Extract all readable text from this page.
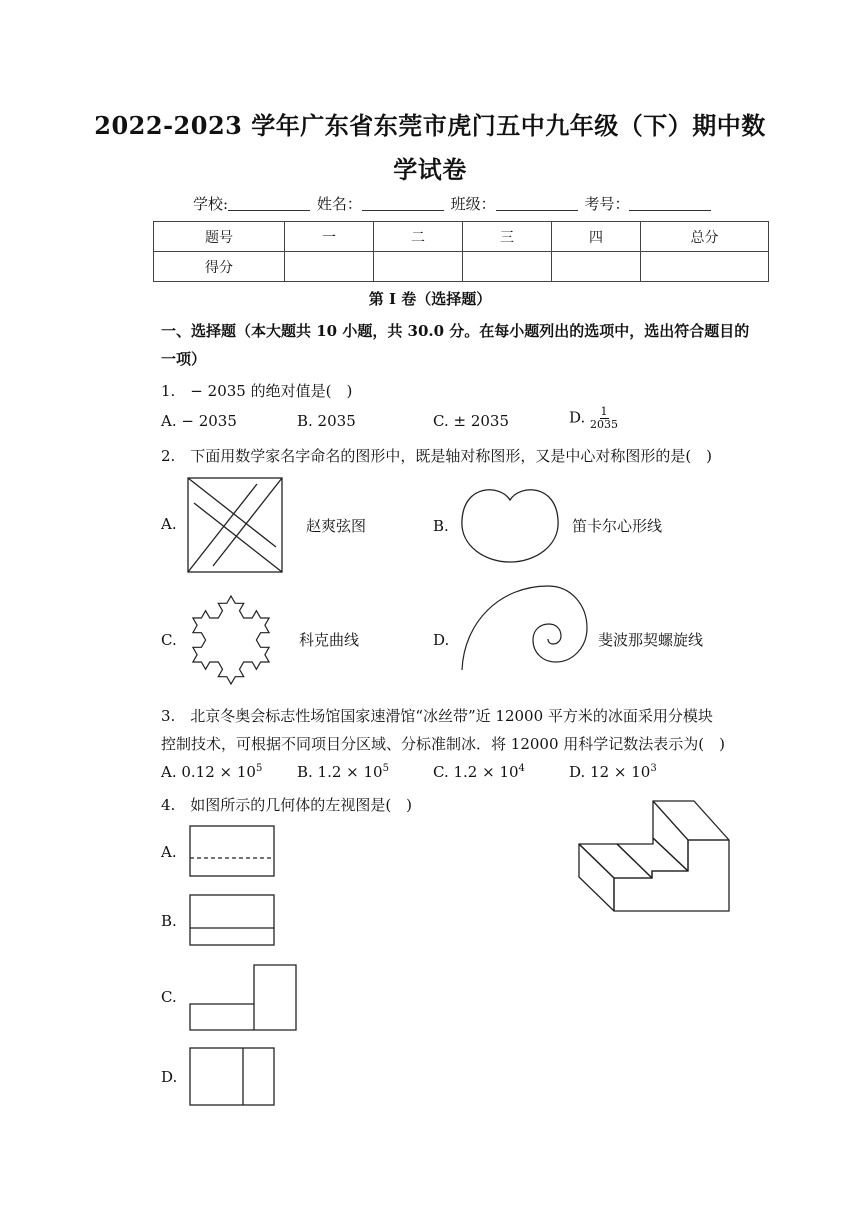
2022-2023 学年广东省东莞市虎门五中九年级（下）期中数
学试卷
学校:	姓名：	班级：	考号：
题号	一	二	三	四	总分
得分					
第 I 卷（选择题）
一、选择题（本大题共 10 小题，共 30.0 分。在每小题列出的选项中，选出符合题目的
一项）
1.　− 2035 的绝对值是(　)
A. − 2035	B. 2035	C. ± 2035	D. $\frac{1}{2035}$
2.　下面用数学家名字命名的图形中，既是轴对称图形，又是中心对称图形的是(　)
A.	赵爽弦图	B.	笛卡尔心形线
C.	科克曲线	D.	斐波那契螺旋线
3.　北京冬奥会标志性场馆国家速滑馆“冰丝带”近 12000 平方米的冰面采用分模块
控制技术，可根据不同项目分区域、分标准制冰．将 12000 用科学记数法表示为(　)
A. $0.12 \times 10^5$ B. $1.2 \times 10^5$	C. $1.2 \times 10^4$	D. $12 \times 10^3$
4.　如图所示的几何体的左视图是(　)
A.
B.
C.
D.
